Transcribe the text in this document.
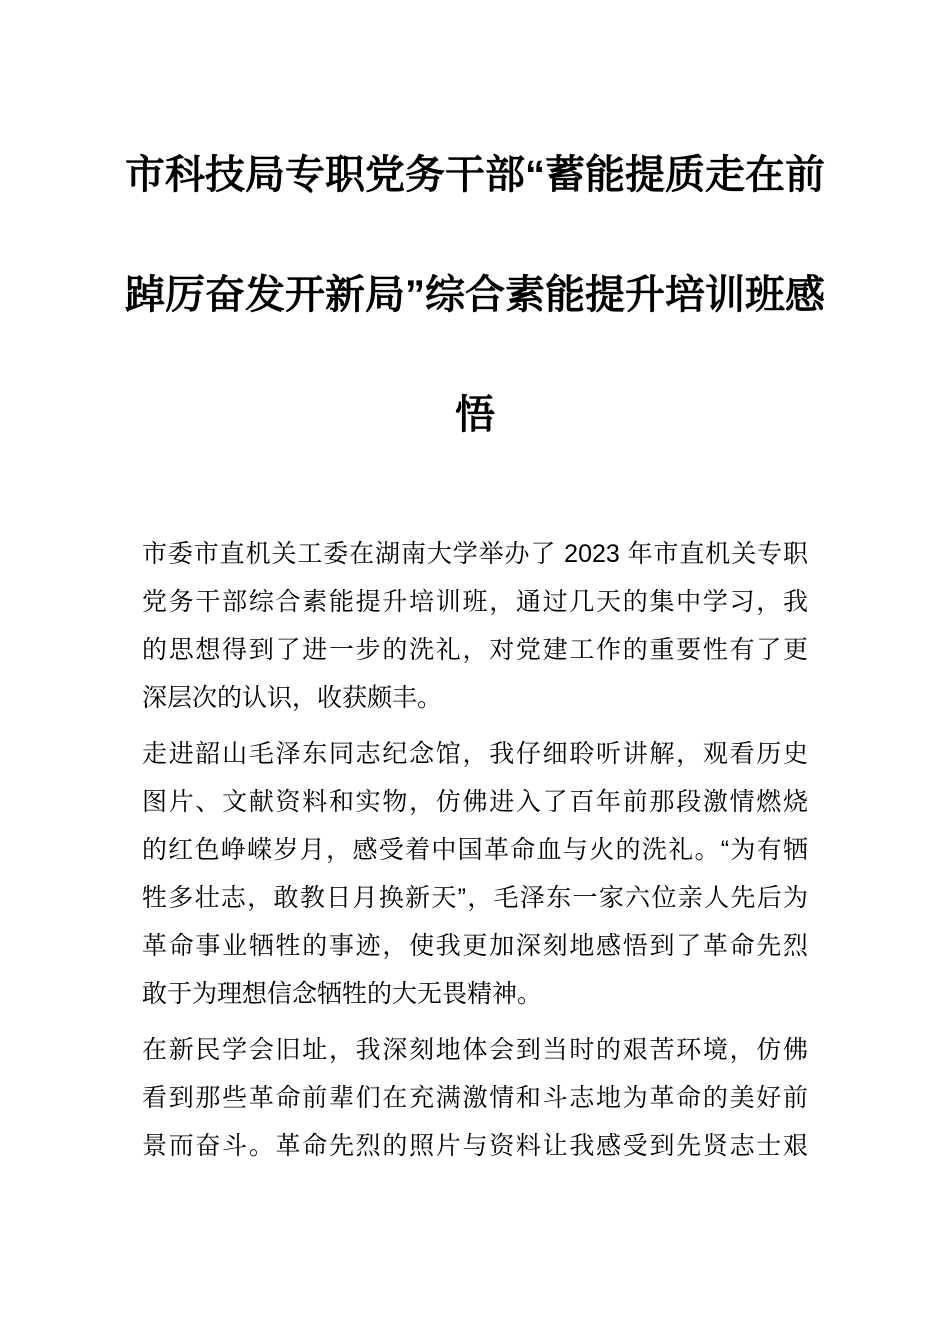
市科技局专职党务干部“蓄能提质走在前
踔厉奋发开新局”综合素能提升培训班感
悟
市委市直机关工委在湖南大学举办了 2023 年市直机关专职
党务干部综合素能提升培训班，通过几天的集中学习，我
的思想得到了进一步的洗礼，对党建工作的重要性有了更
深层次的认识，收获颇丰。
走进韶山毛泽东同志纪念馆，我仔细聆听讲解，观看历史
图片、文献资料和实物，仿佛进入了百年前那段激情燃烧
的红色峥嵘岁月，感受着中国革命血与火的洗礼。“为有牺
牲多壮志，敢教日月换新天”，毛泽东一家六位亲人先后为
革命事业牺牲的事迹，使我更加深刻地感悟到了革命先烈
敢于为理想信念牺牲的大无畏精神。
在新民学会旧址，我深刻地体会到当时的艰苦环境，仿佛
看到那些革命前辈们在充满激情和斗志地为革命的美好前
景而奋斗。革命先烈的照片与资料让我感受到先贤志士艰
